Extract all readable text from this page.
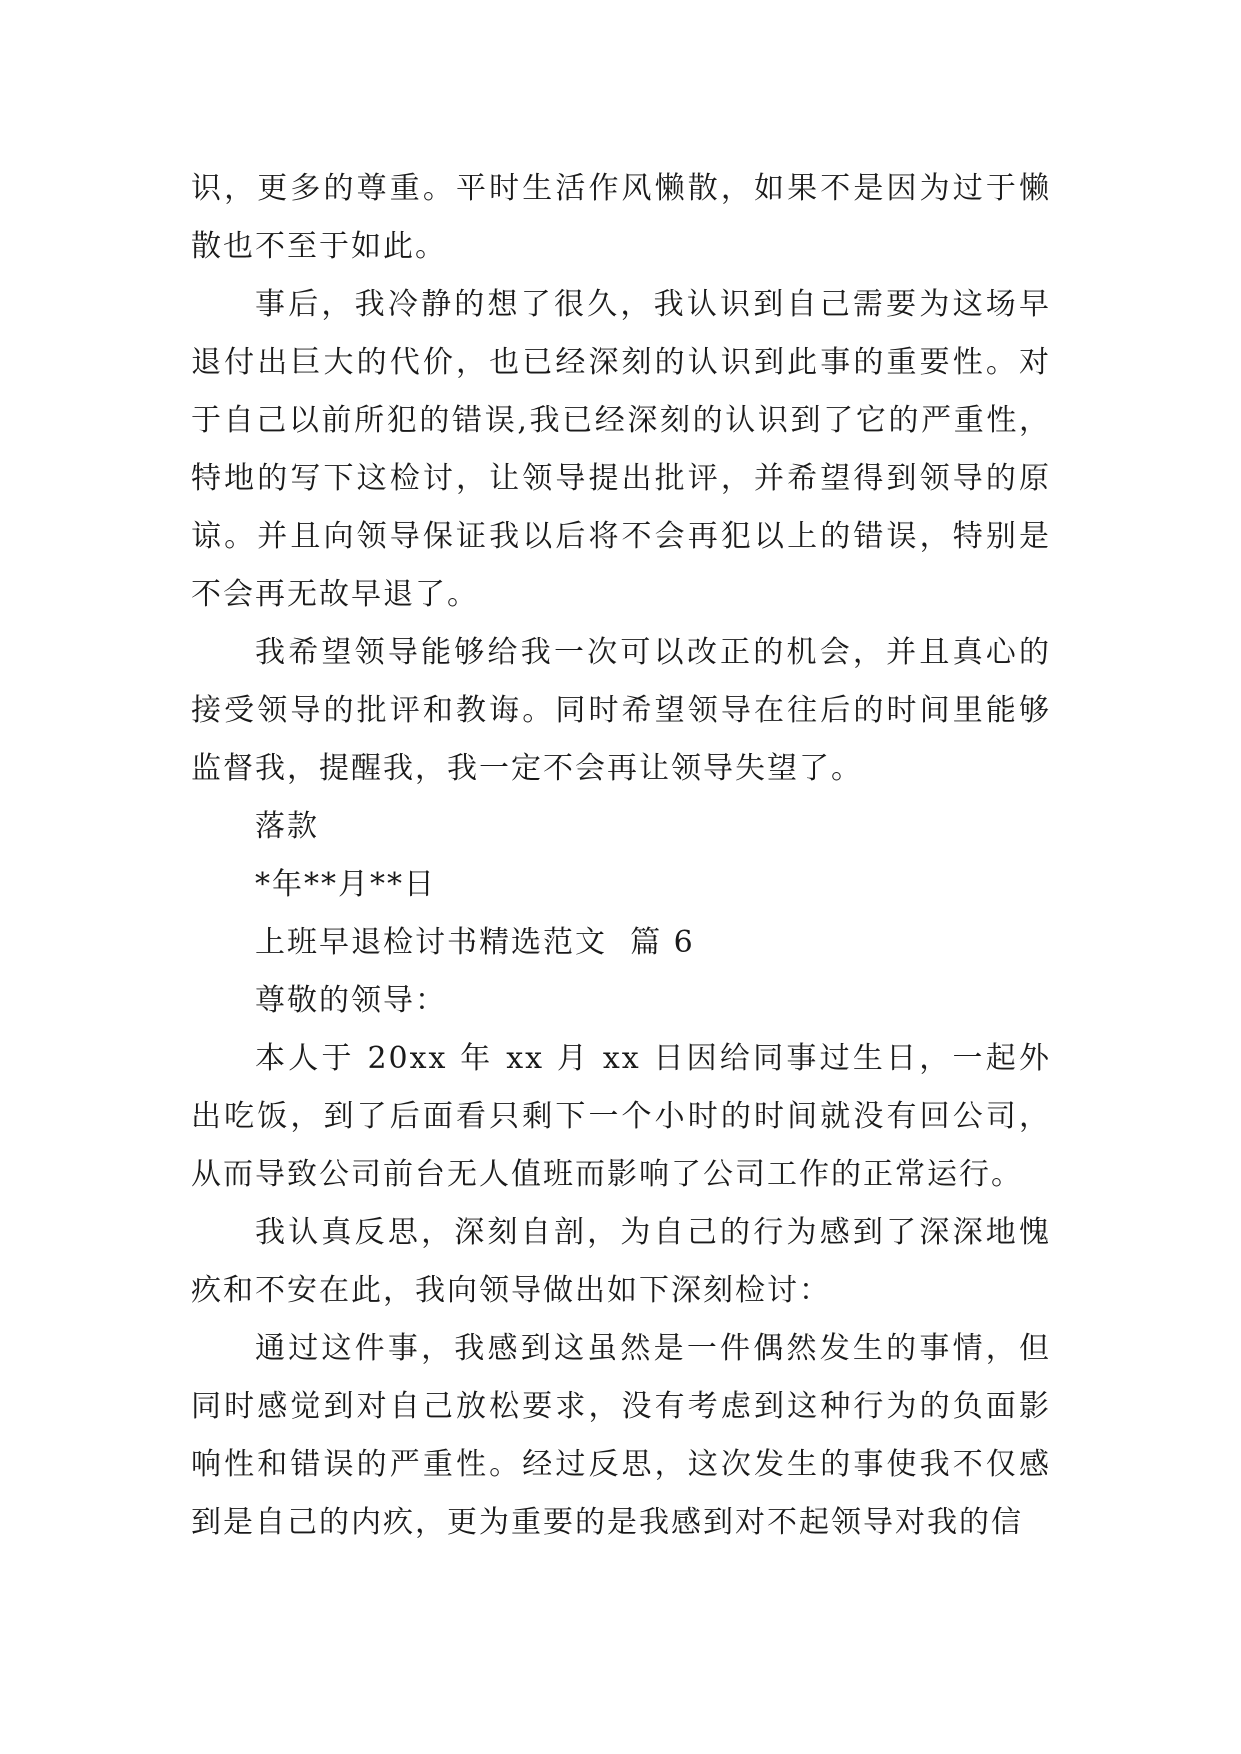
识，更多的尊重。平时生活作风懒散，如果不是因为过于懒散也不至于如此。

事后，我冷静的想了很久，我认识到自己需要为这场早退付出巨大的代价，也已经深刻的认识到此事的重要性。对于自己以前所犯的错误,我已经深刻的认识到了它的严重性，特地的写下这检讨，让领导提出批评，并希望得到领导的原谅。并且向领导保证我以后将不会再犯以上的错误，特别是不会再无故早退了。

我希望领导能够给我一次可以改正的机会，并且真心的接受领导的批评和教诲。同时希望领导在往后的时间里能够监督我，提醒我，我一定不会再让领导失望了。

落款

*年**月**日

上班早退检讨书精选范文  篇 6

尊敬的领导：

本人于 20xx 年 xx 月 xx 日因给同事过生日，一起外出吃饭，到了后面看只剩下一个小时的时间就没有回公司，从而导致公司前台无人值班而影响了公司工作的正常运行。

我认真反思，深刻自剖，为自己的行为感到了深深地愧疚和不安在此，我向领导做出如下深刻检讨：

通过这件事，我感到这虽然是一件偶然发生的事情，但同时感觉到对自己放松要求，没有考虑到这种行为的负面影响性和错误的严重性。经过反思，这次发生的事使我不仅感到是自己的内疚，更为重要的是我感到对不起领导对我的信
